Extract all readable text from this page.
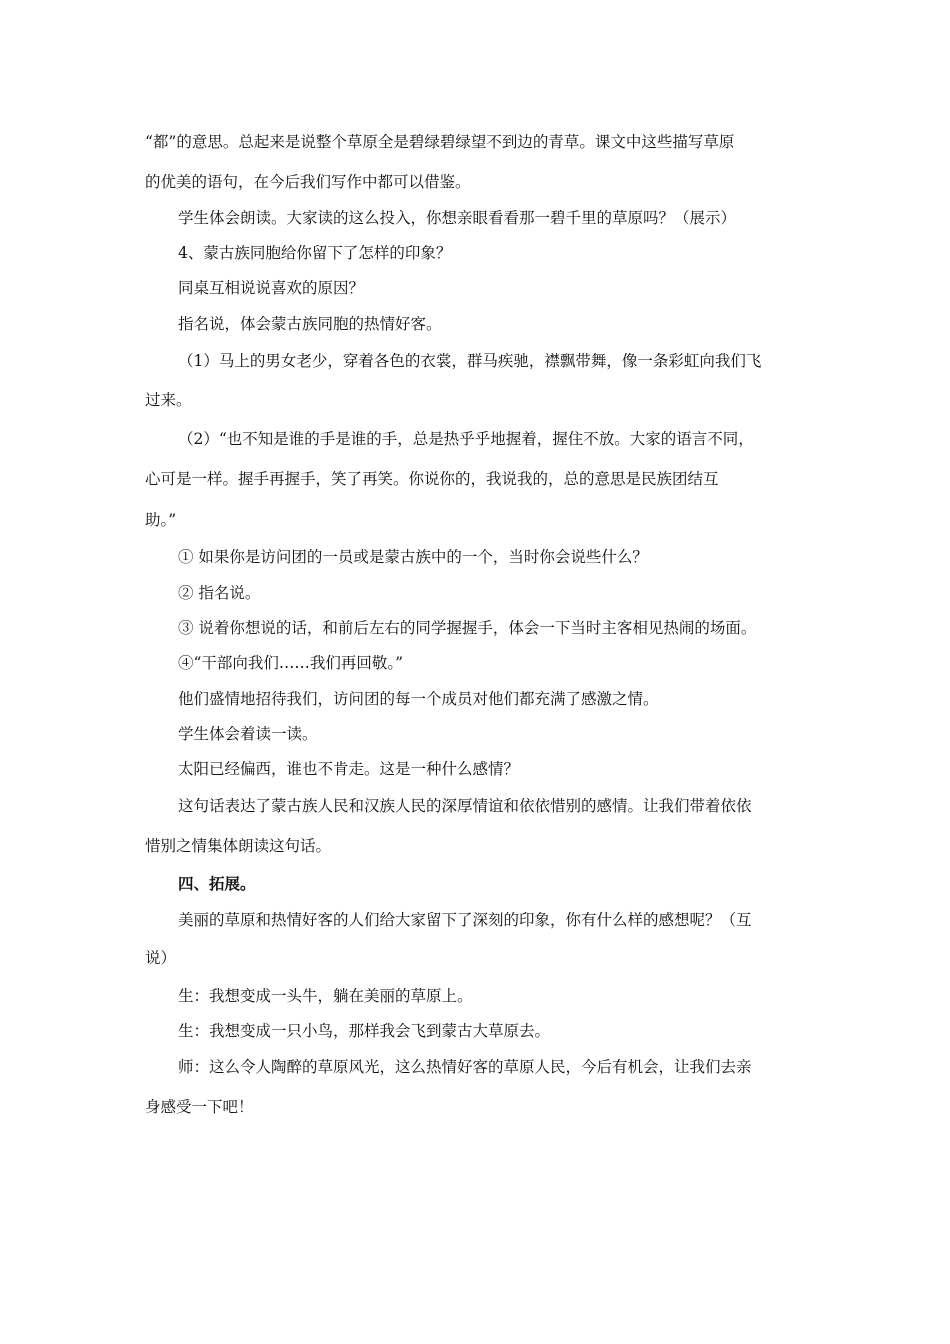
“都”的意思。总起来是说整个草原全是碧绿碧绿望不到边的青草。课文中这些描写草原

的优美的语句，在今后我们写作中都可以借鉴。

学生体会朗读。大家读的这么投入，你想亲眼看看那一碧千里的草原吗？（展示）

4、蒙古族同胞给你留下了怎样的印象？

同桌互相说说喜欢的原因？

指名说，体会蒙古族同胞的热情好客。

（1）马上的男女老少，穿着各色的衣裳，群马疾驰，襟飘带舞，像一条彩虹向我们飞

过来。

（2）“也不知是谁的手是谁的手，总是热乎乎地握着，握住不放。大家的语言不同，

心可是一样。握手再握手，笑了再笑。你说你的，我说我的，总的意思是民族团结互

助。”

① 如果你是访问团的一员或是蒙古族中的一个，当时你会说些什么？

② 指名说。

③ 说着你想说的话，和前后左右的同学握握手，体会一下当时主客相见热闹的场面。

④“干部向我们……我们再回敬。”

他们盛情地招待我们，访问团的每一个成员对他们都充满了感激之情。

学生体会着读一读。

太阳已经偏西，谁也不肯走。这是一种什么感情？

这句话表达了蒙古族人民和汉族人民的深厚情谊和依依惜别的感情。让我们带着依依

惜别之情集体朗读这句话。

四、拓展。

美丽的草原和热情好客的人们给大家留下了深刻的印象，你有什么样的感想呢？（互

说）

生：我想变成一头牛，躺在美丽的草原上。

生：我想变成一只小鸟，那样我会飞到蒙古大草原去。

师：这么令人陶醉的草原风光，这么热情好客的草原人民，今后有机会，让我们去亲

身感受一下吧！
